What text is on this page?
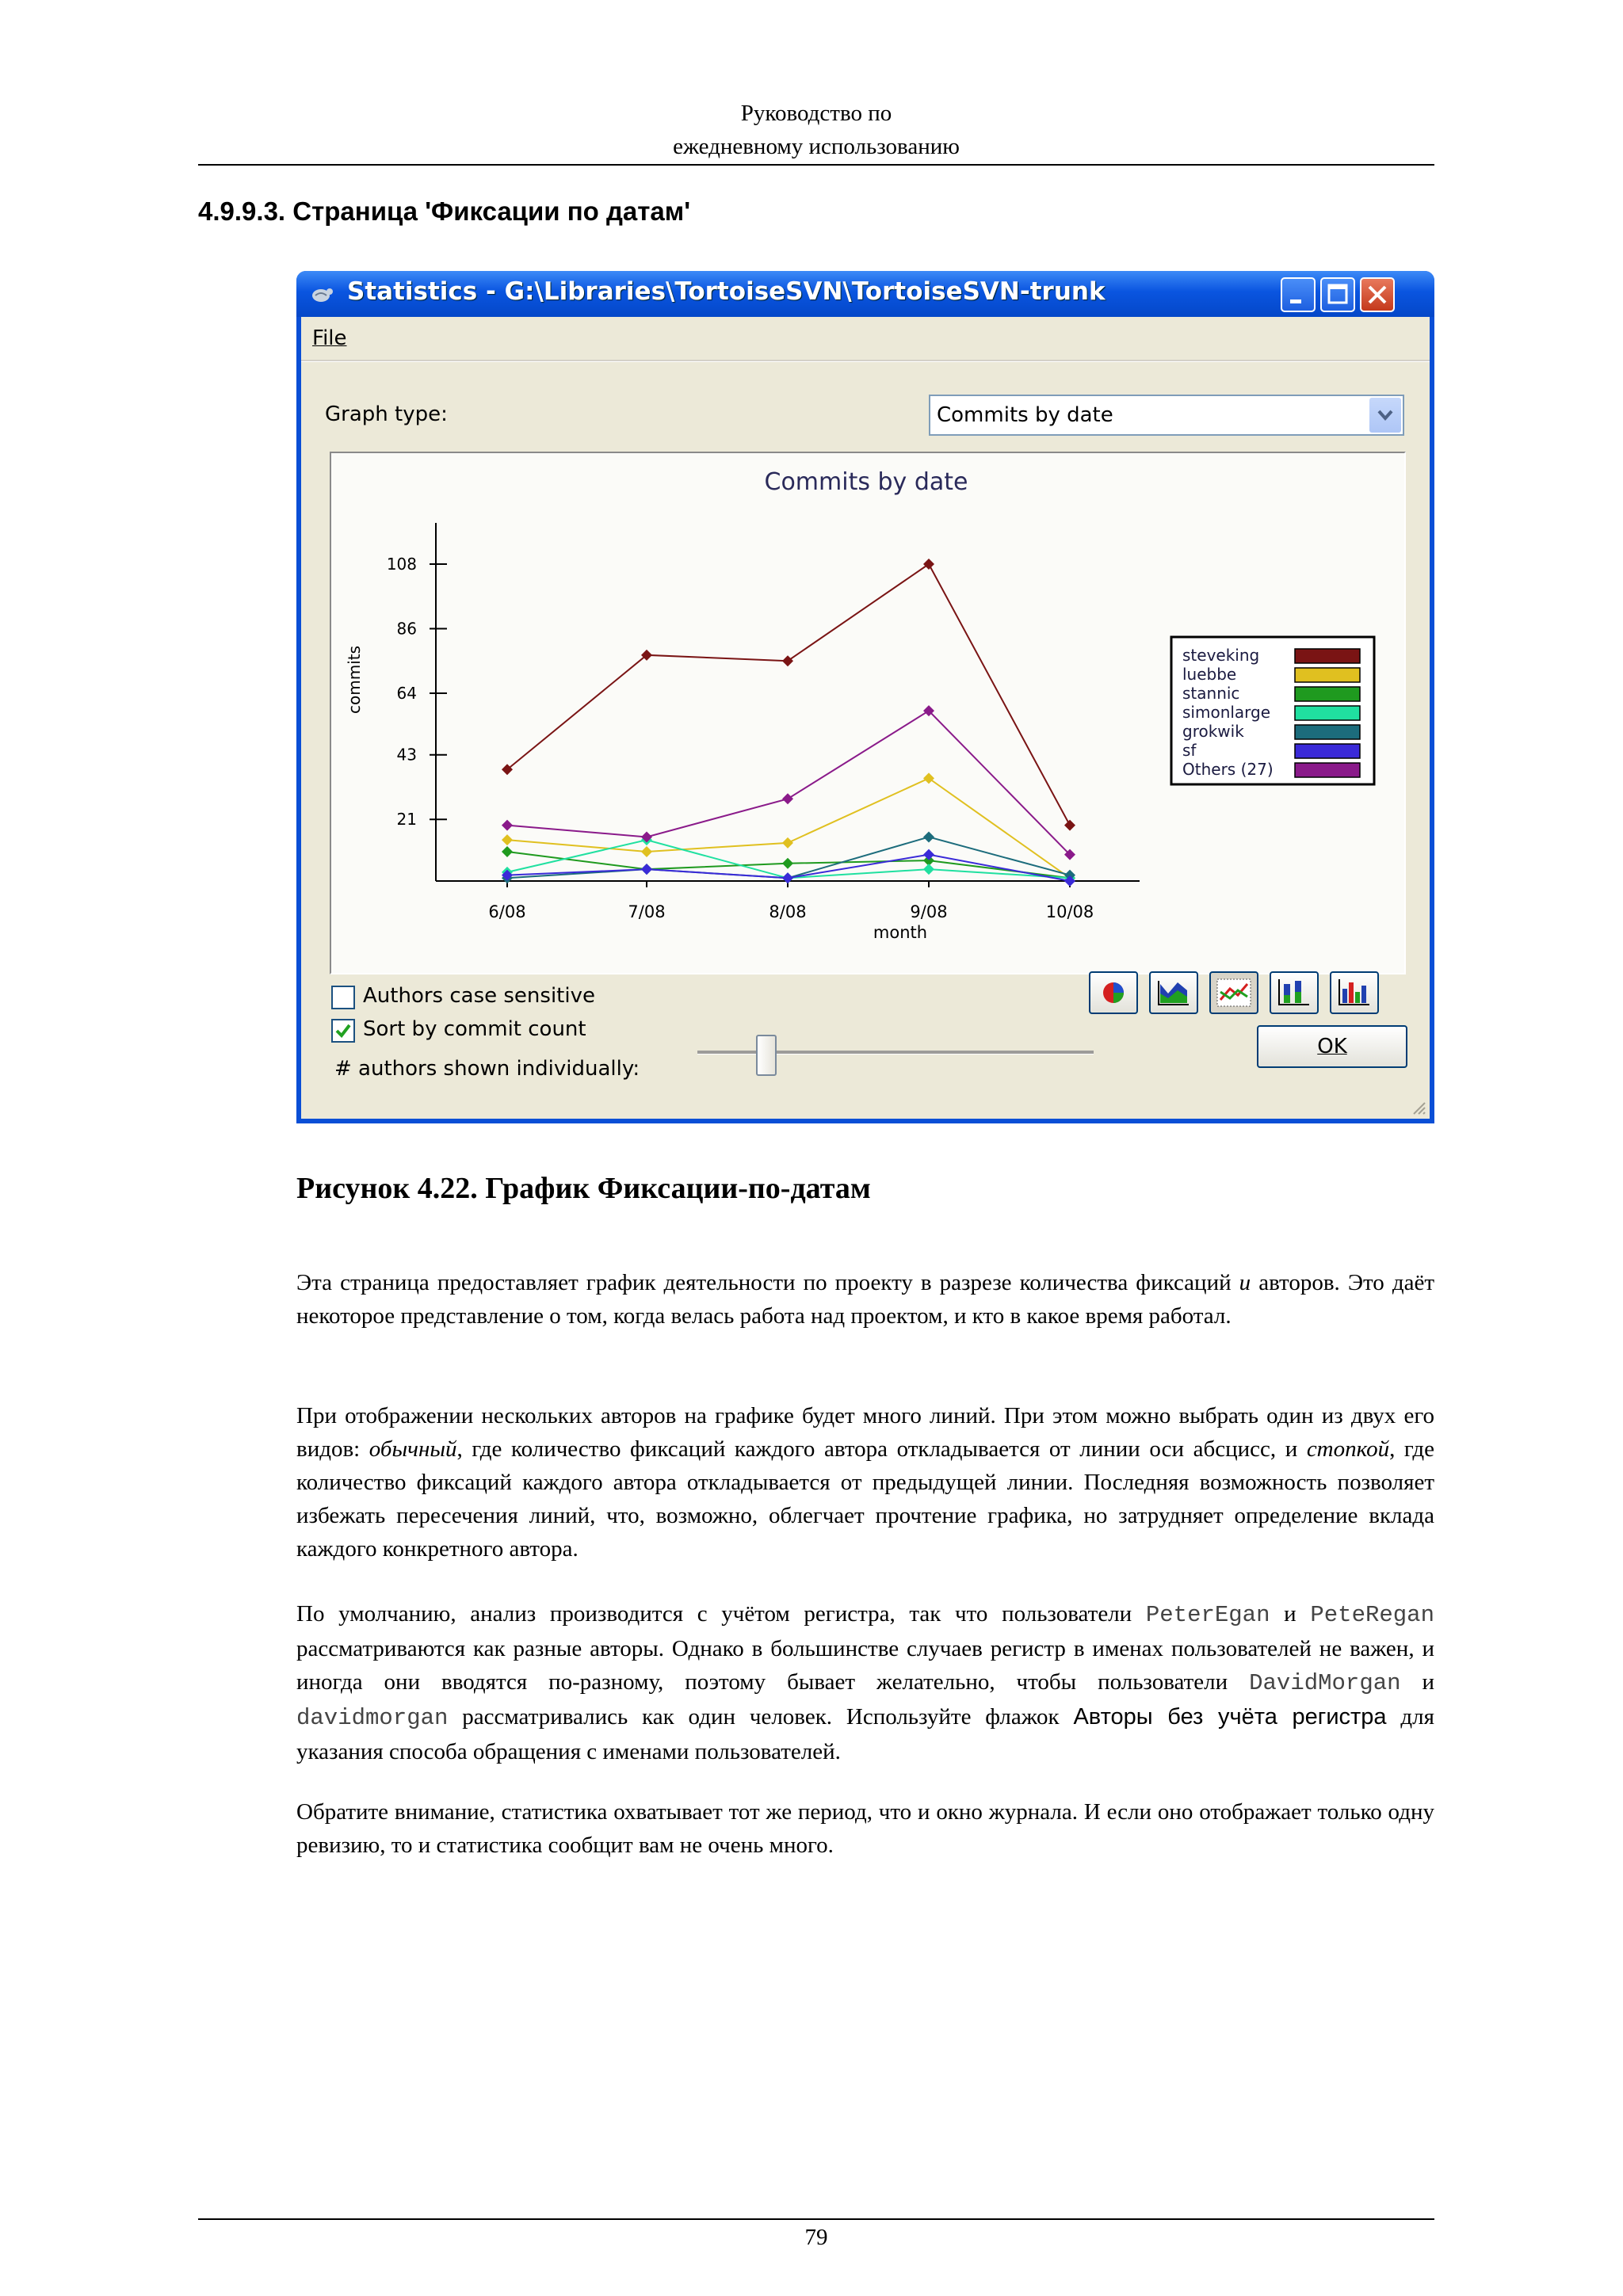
Руководство по
ежедневному использованию
4.9.9.3. Страница 'Фиксации по датам'
Statistics - G:\Libraries\TortoiseSVN\TortoiseSVN-trunk
File
Graph type:	Commits by date
Commits by date
commits
month
21
43
64
86
108
6/08	7/08	8/08	9/08	10/08
steveking
luebbe
stannic
simonlarge
grokwik
sf
Others (27)
Authors case sensitive
Sort by commit count
# authors shown individually:
OK
Рисунок 4.22. График Фиксации-по-датам
Эта страница предоставляет график деятельности по проекту в разрезе количества фиксаций и авторов. Это даёт некоторое представление о том, когда велась работа над проектом, и кто в какое время работал.
При отображении нескольких авторов на графике будет много линий. При этом можно выбрать один из двух его видов: обычный, где количество фиксаций каждого автора откладывается от линии оси абсцисс, и стопкой, где количество фиксаций каждого автора откладывается от предыдущей линии. Последняя возможность позволяет избежать пересечения линий, что, возможно, облегчает прочтение графика, но затрудняет определение вклада каждого конкретного автора.
По умолчанию, анализ производится с учётом регистра, так что пользователи PeterEgan и PeteRegan рассматриваются как разные авторы. Однако в большинстве случаев регистр в именах пользователей не важен, и иногда они вводятся по-разному, поэтому бывает желательно, чтобы пользователи DavidMorgan и davidmorgan рассматривались как один человек. Используйте флажок Авторы без учёта регистра для указания способа обращения с именами пользователей.
Обратите внимание, статистика охватывает тот же период, что и окно журнала. И если оно отображает только одну ревизию, то и статистика сообщит вам не очень много.
79
